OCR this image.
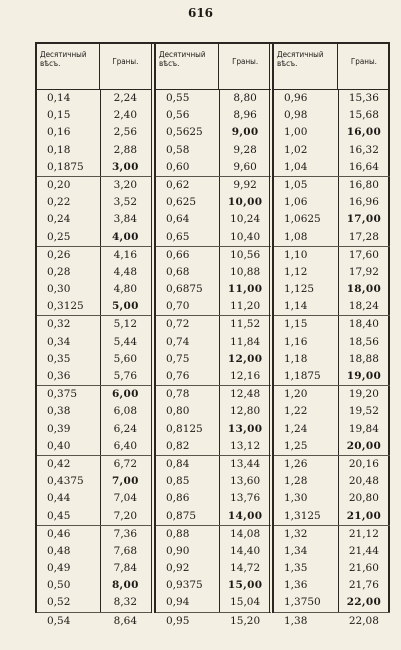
616
Десятичный вѣсъ.	Граны.
0,14	2,24
0,15	2,40
0,16	2,56
0,18	2,88
0,1875	3,00
0,20	3,20
0,22	3,52
0,24	3,84
0,25	4,00
0,26	4,16
0,28	4,48
0,30	4,80
0,3125	5,00
0,32	5,12
0,34	5,44
0,35	5,60
0,36	5,76
0,375	6,00
0,38	6,08
0,39	6,24
0,40	6,40
0,42	6,72
0,4375	7,00
0,44	7,04
0,45	7,20
0,46	7,36
0,48	7,68
0,49	7,84
0,50	8,00
0,52	8,32
0,54	8,64
Десятичный вѣсъ.	Граны.
0,55	8,80
0,56	8,96
0,5625	9,00
0,58	9,28
0,60	9,60
0,62	9,92
0,625	10,00
0,64	10,24
0,65	10,40
0,66	10,56
0,68	10,88
0,6875	11,00
0,70	11,20
0,72	11,52
0,74	11,84
0,75	12,00
0,76	12,16
0,78	12,48
0,80	12,80
0,8125	13,00
0,82	13,12
0,84	13,44
0,85	13,60
0,86	13,76
0,875	14,00
0,88	14,08
0,90	14,40
0,92	14,72
0,9375	15,00
0,94	15,04
0,95	15,20
Десятичный вѣсъ.	Граны.
0,96	15,36
0,98	15,68
1,00	16,00
1,02	16,32
1,04	16,64
1,05	16,80
1,06	16,96
1,0625	17,00
1,08	17,28
1,10	17,60
1,12	17,92
1,125	18,00
1,14	18,24
1,15	18,40
1,16	18,56
1,18	18,88
1,1875	19,00
1,20	19,20
1,22	19,52
1,24	19,84
1,25	20,00
1,26	20,16
1,28	20,48
1,30	20,80
1,3125	21,00
1,32	21,12
1,34	21,44
1,35	21,60
1,36	21,76
1,3750	22,00
1,38	22,08
